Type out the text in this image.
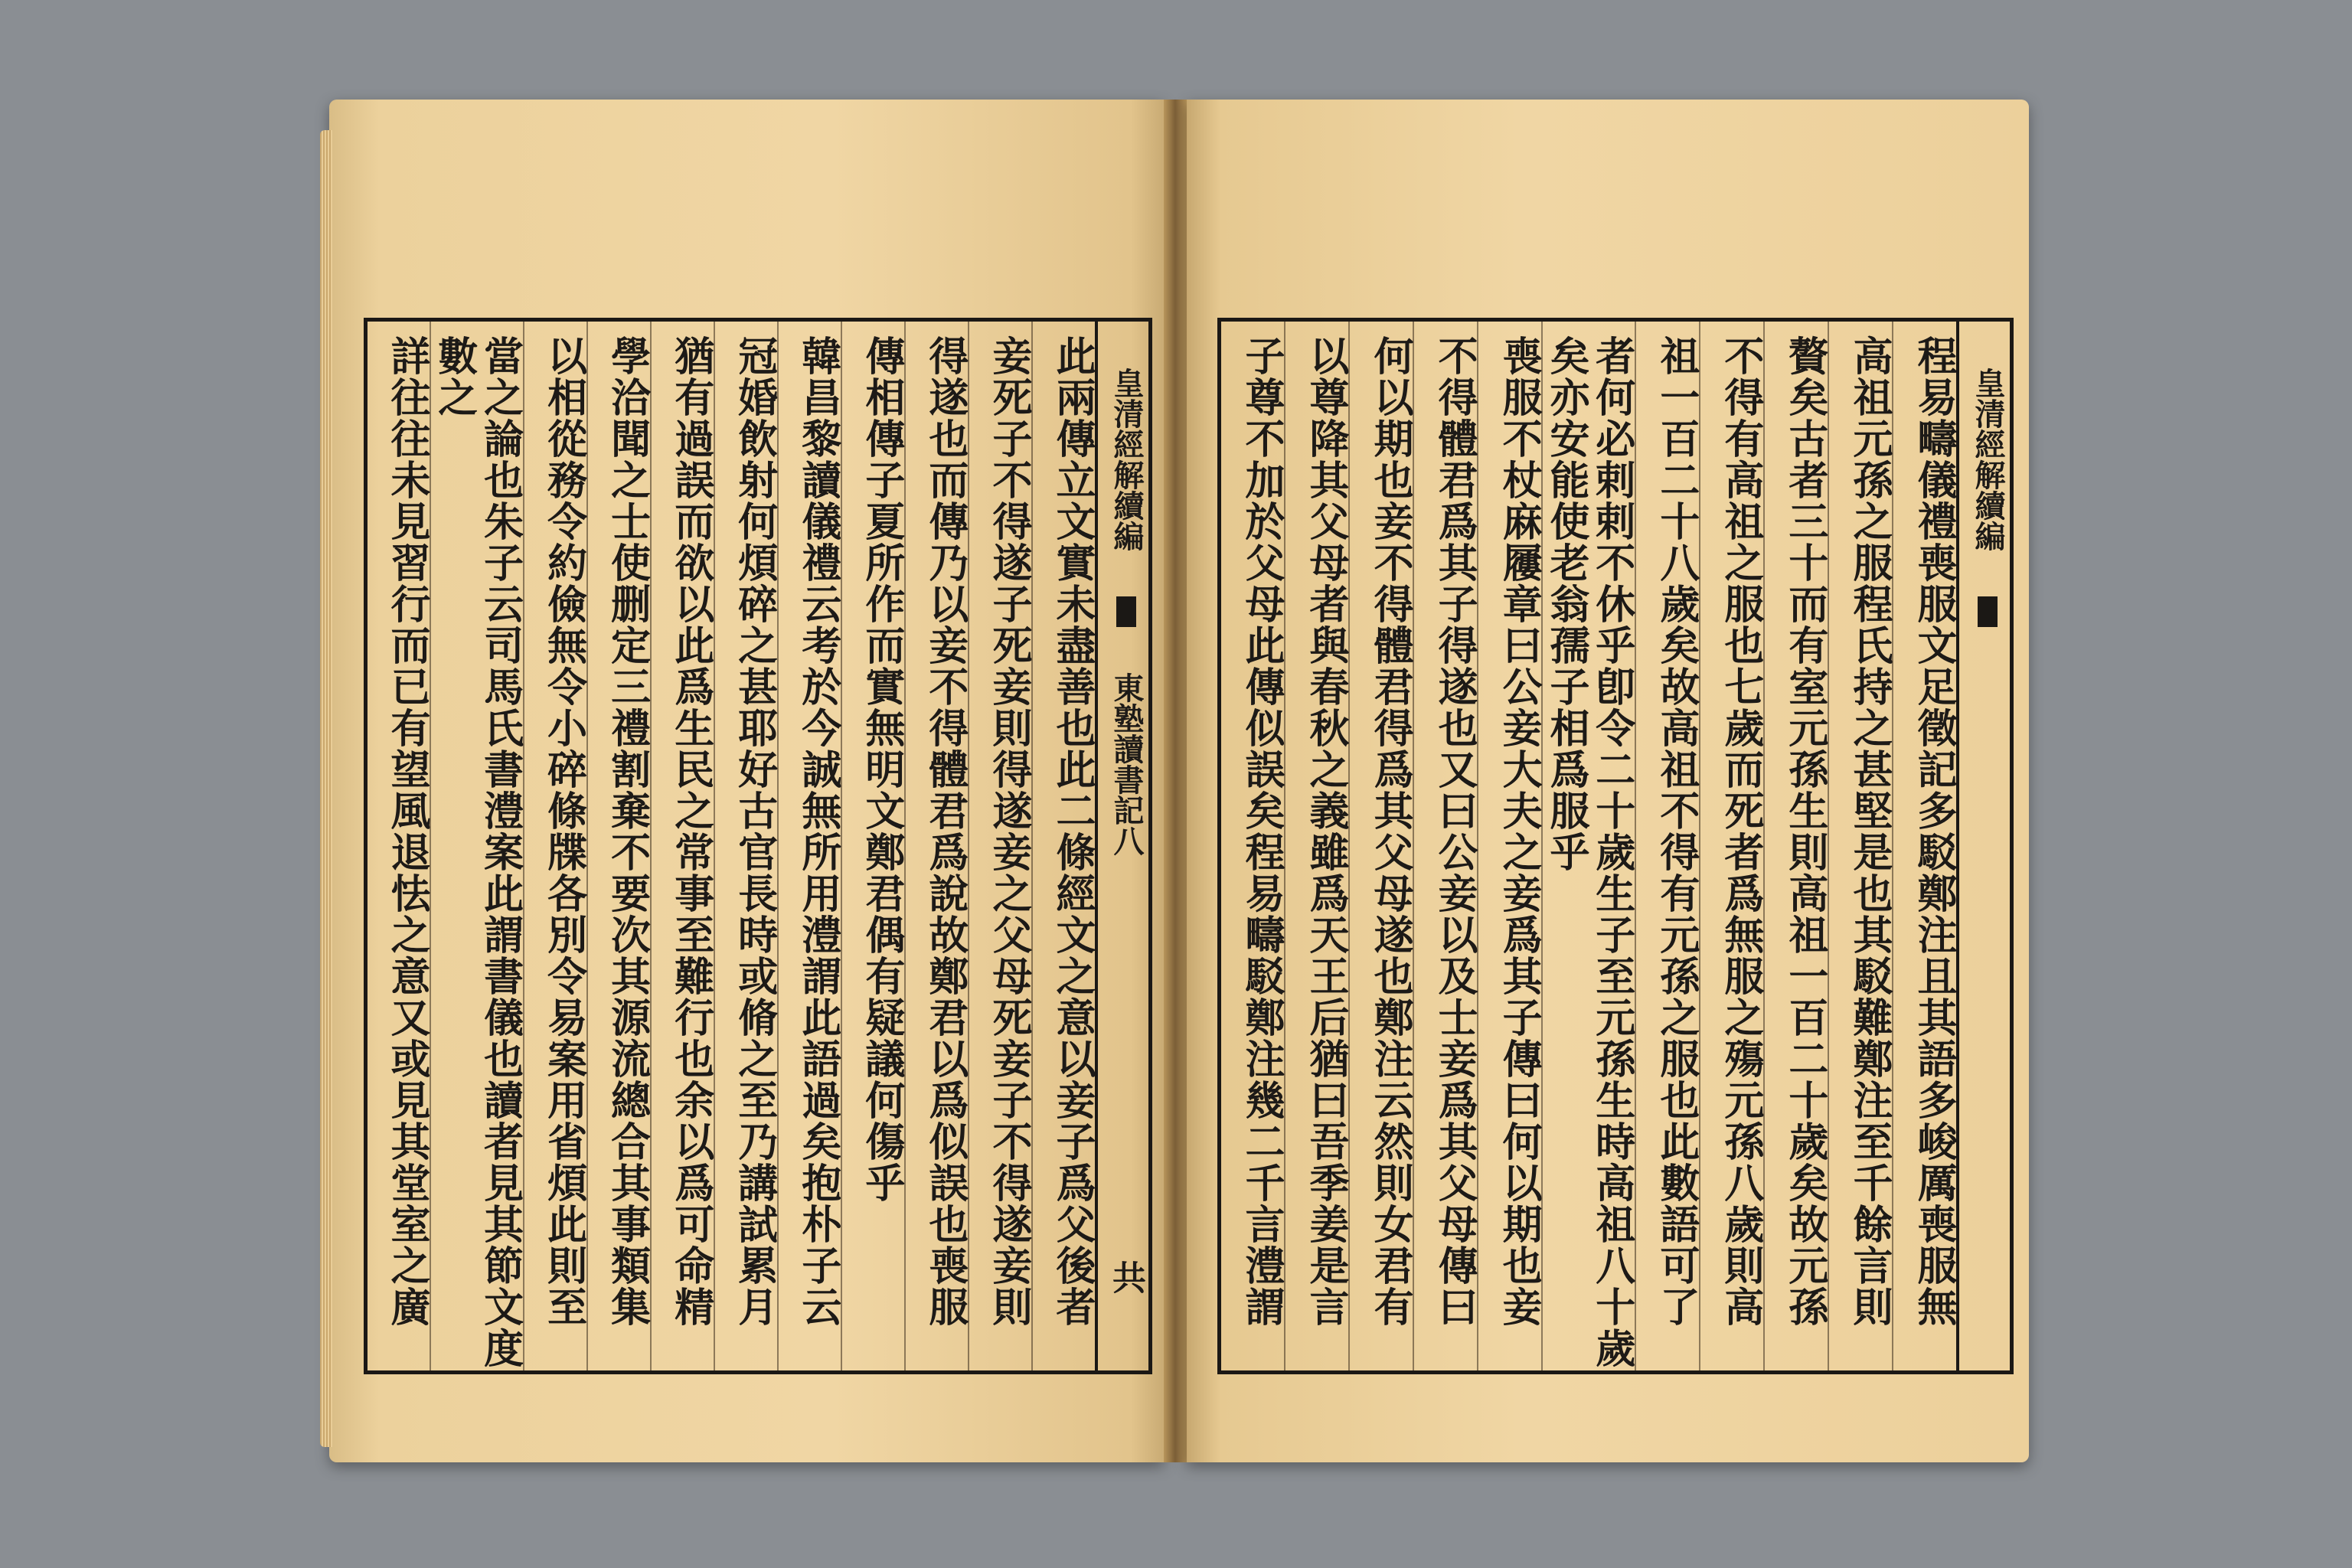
此兩傳立文實未盡善也此二條經文之意以妾子爲父後者
妾死子不得遂子死妾則得遂妾之父母死妾子不得遂妾則
得遂也而傳乃以妾不得體君爲說故鄭君以爲似誤也喪服
傳相傳子夏所作而實無明文鄭君偶有疑議何傷乎
韓昌黎讀儀禮云考於今誠無所用澧謂此語過矣抱朴子云
冠婚飲射何煩碎之甚耶好古官長時或脩之至乃講試累月
猶有過誤而欲以此爲生民之常事至難行也余以爲可命精
學洽聞之士使删定三禮割棄不要次其源流總合其事類集
以相從務令約儉無令小碎條牒各別令易案用省煩此則至
當之論也朱子云司馬氏書澧案此謂書儀也讀者見其節文度數之
詳往往未見習行而已有望風退怯之意又或見其堂室之廣	皇清經解續編  東塾讀書記八
共	程易疇儀禮喪服文足徵記多駁鄭注且其語多峻厲喪服無
高祖元孫之服程氏持之甚堅是也其駁難鄭注至千餘言則
贅矣古者三十而有室元孫生則高祖一百二十歲矣故元孫
不得有高祖之服也七歲而死者爲無服之殤元孫八歲則高
祖一百二十八歲矣故高祖不得有元孫之服也此數語可了
者何必剌剌不休乎卽令二十歲生子至元孫生時高祖八十歲矣亦安能使老翁孺子相爲服乎
喪服不杖麻屨章曰公妾大夫之妾爲其子傳曰何以期也妾
不得體君爲其子得遂也又曰公妾以及士妾爲其父母傳曰
何以期也妾不得體君得爲其父母遂也鄭注云然則女君有
以尊降其父母者與春秋之義雖爲天王后猶曰吾季姜是言
子尊不加於父母此傳似誤矣程易疇駁鄭注幾二千言澧謂	皇清經解續編
